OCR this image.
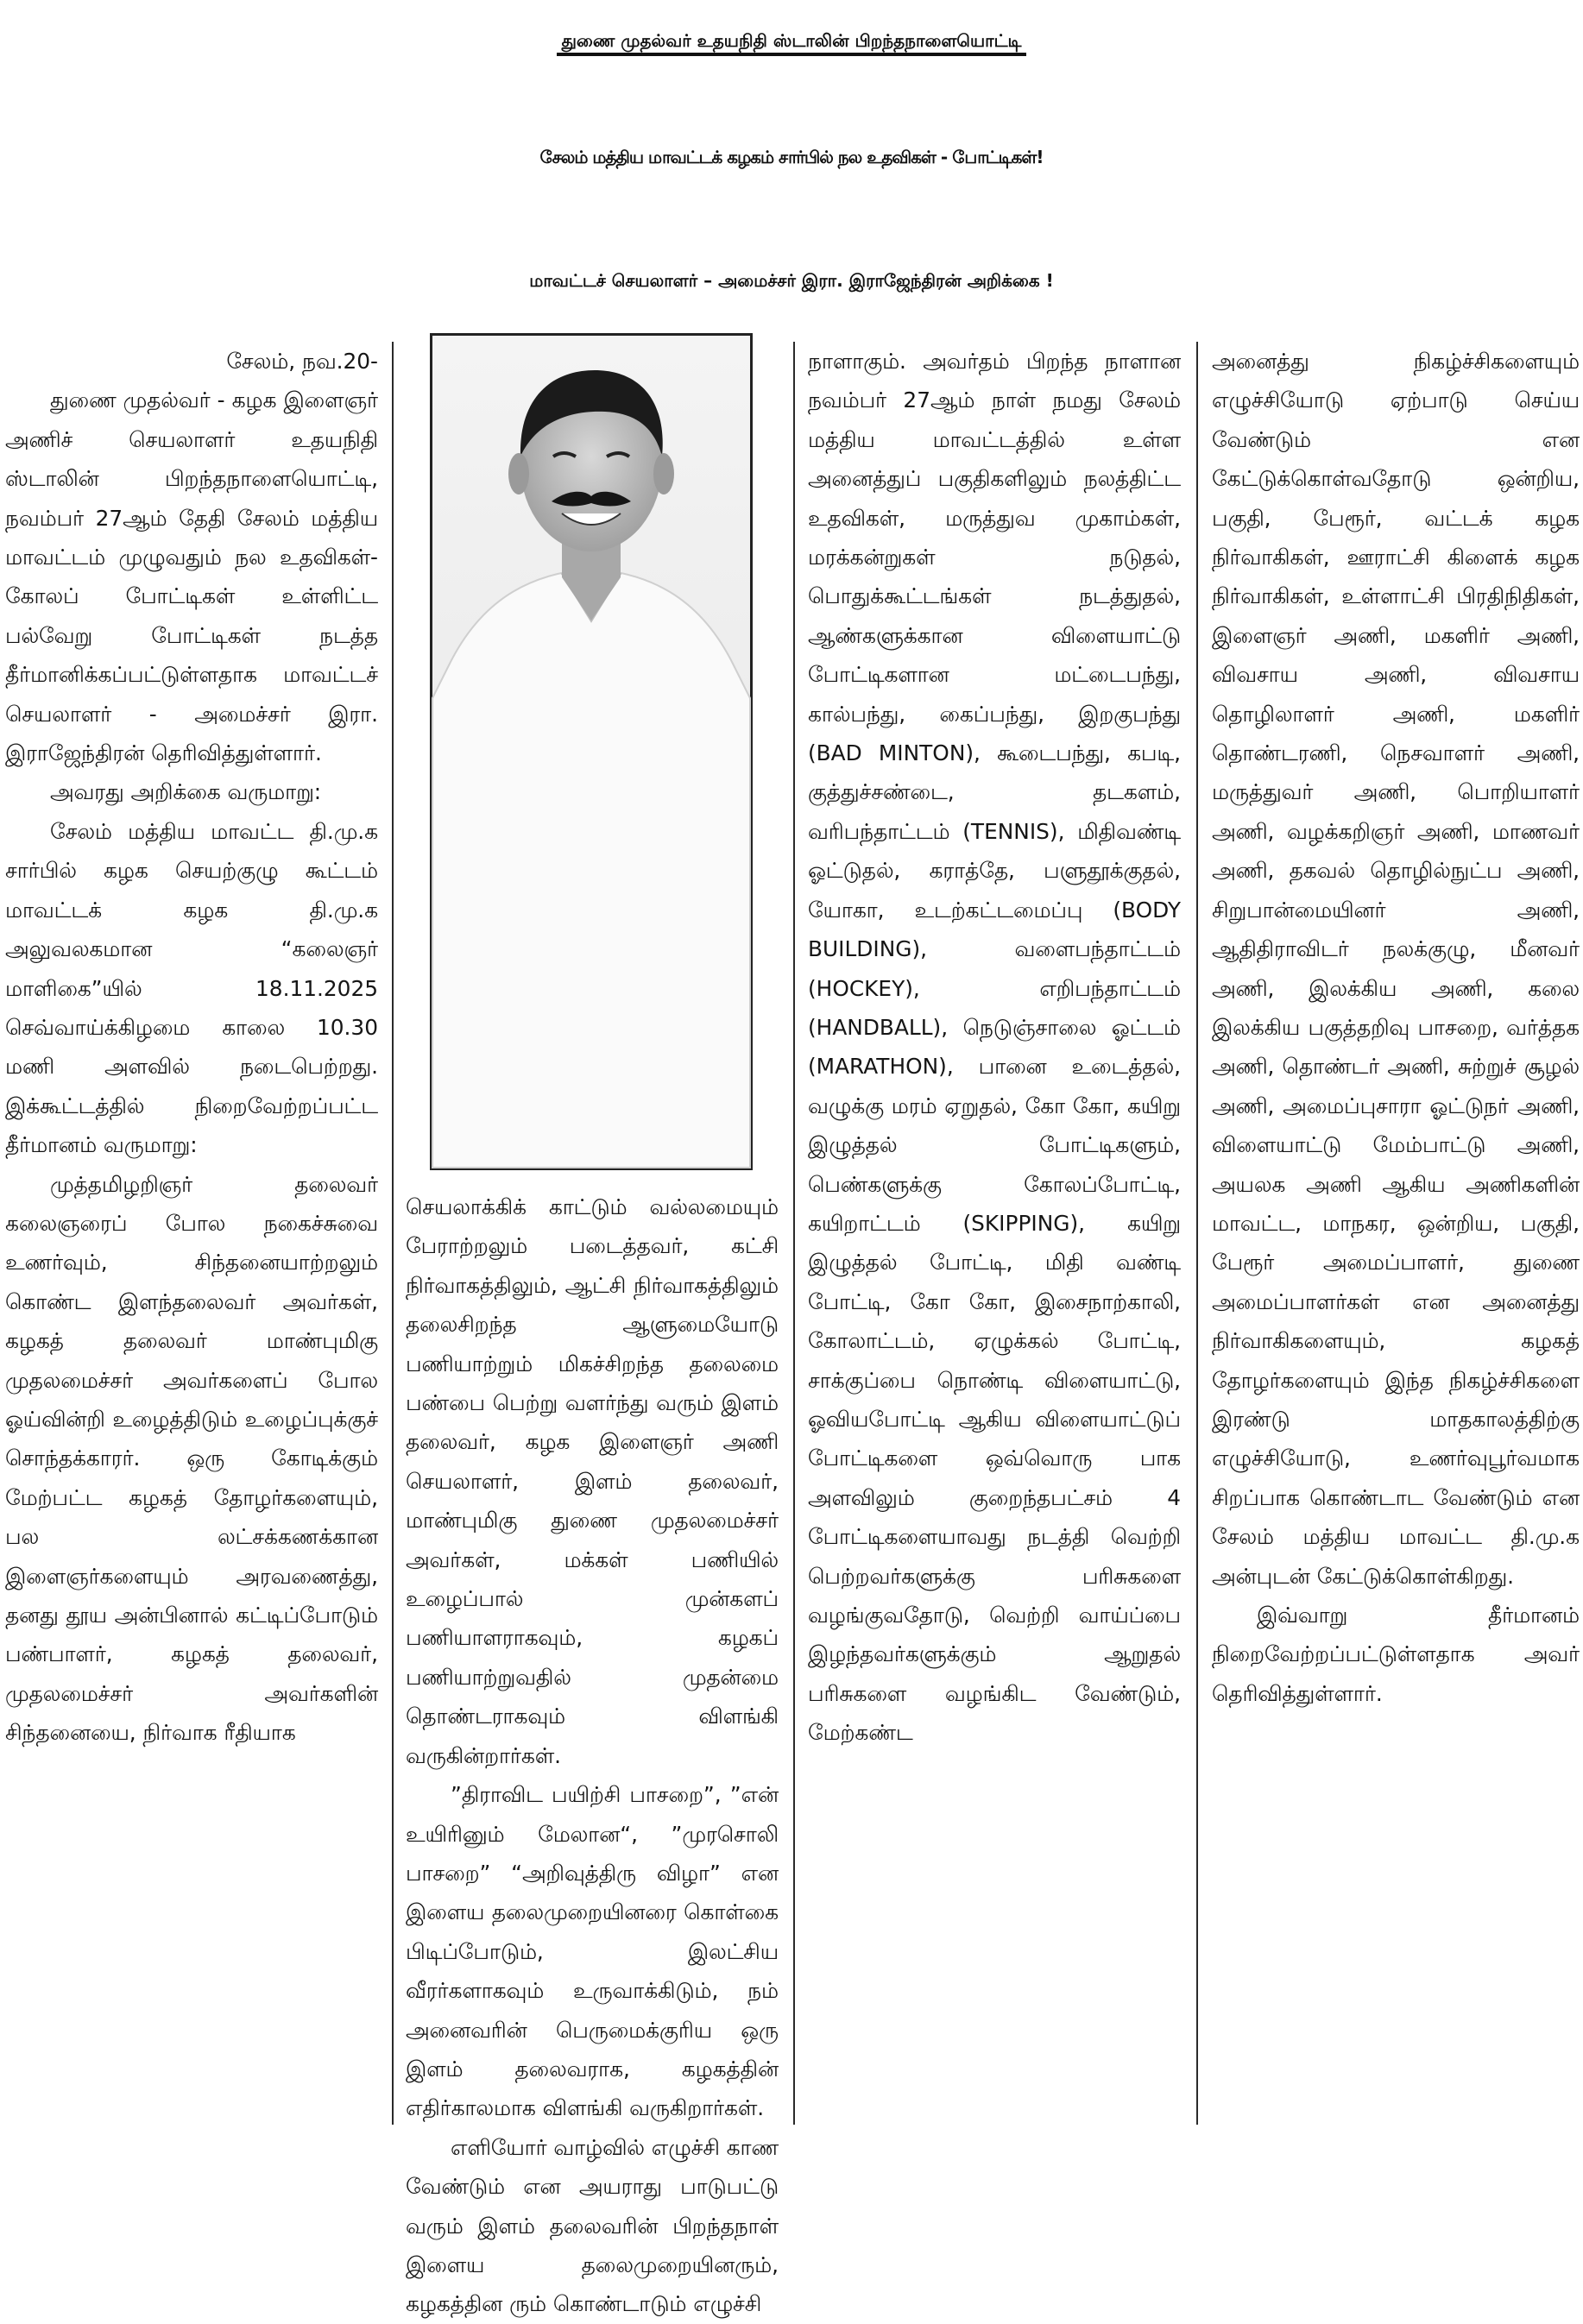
துணை முதல்வர் உதயநிதி ஸ்டாலின் பிறந்தநாளையொட்டி
சேலம் மத்திய மாவட்டக் கழகம் சார்பில் நல உதவிகள் - போட்டிகள்!
மாவட்டச் செயலாளர் – அமைச்சர் இரா. இராஜேந்திரன் அறிக்கை !

சேலம், நவ.20-

துணை முதல்வர் - கழக இளைஞர் அணிச் செயலாளர் உதயநிதி ஸ்டாலின் பிறந்தநாளையொட்டி, நவம்பர் 27ஆம் தேதி சேலம் மத்திய மாவட்டம் முழுவதும் நல உதவிகள்-கோலப் போட்டிகள் உள்ளிட்ட பல்வேறு போட்டிகள் நடத்த தீர்மானிக்கப்பட்டுள்ளதாக மாவட்டச் செயலாளர் - அமைச்சர் இரா. இராஜேந்திரன் தெரிவித்துள்ளார்.

அவரது அறிக்கை வருமாறு:

சேலம் மத்திய மாவட்ட தி.மு.க சார்பில் கழக செயற்குழு கூட்டம் மாவட்டக் கழக தி.மு.க அலுவலகமான “கலைஞர் மாளிகை”யில் 18.11.2025 செவ்வாய்க்கிழமை காலை 10.30 மணி அளவில் நடைபெற்றது. இக்கூட்டத்தில் நிறைவேற்றப்பட்ட தீர்மானம் வருமாறு:

முத்தமிழறிஞர் தலைவர் கலைஞரைப் போல நகைச்சுவை உணர்வும், சிந்தனையாற்றலும் கொண்ட இளந்தலைவர் அவர்கள், கழகத் தலைவர் மாண்புமிகு முதலமைச்சர் அவர்களைப் போல ஓய்வின்றி உழைத்திடும் உழைப்புக்குச் சொந்தக்காரர். ஒரு கோடிக்கும் மேற்பட்ட கழகத் தோழர்களையும், பல லட்சக்கணக்கான இளைஞர்களையும் அரவணைத்து, தனது தூய அன்பினால் கட்டிப்போடும் பண்பாளர், கழகத் தலைவர், முதலமைச்சர் அவர்களின் சிந்தனையை, நிர்வாக ரீதியாக

செயலாக்கிக் காட்டும் வல்லமையும் பேராற்றலும் படைத்தவர், கட்சி நிர்வாகத்திலும், ஆட்சி நிர்வாகத்திலும் தலைசிறந்த ஆளுமையோடு பணியாற்றும் மிகச்சிறந்த தலைமை பண்பை பெற்று வளர்ந்து வரும் இளம் தலைவர், கழக இளைஞர் அணி செயலாளர், இளம் தலைவர், மாண்புமிகு துணை முதலமைச்சர் அவர்கள், மக்கள் பணியில் உழைப்பால் முன்களப் பணியாளராகவும், கழகப் பணியாற்றுவதில் முதன்மை தொண்டராகவும் விளங்கி வருகின்றார்கள்.

”திராவிட பயிற்சி பாசறை”, ”என் உயிரினும் மேலான“, ”முரசொலி பாசறை” “அறிவுத்திரு விழா” என இளைய தலைமுறையினரை கொள்கை பிடிப்போடும், இலட்சிய வீரர்களாகவும் உருவாக்கிடும், நம் அனைவரின் பெருமைக்குரிய ஒரு இளம் தலைவராக, கழகத்தின் எதிர்காலமாக விளங்கி வருகிறார்கள்.

எளியோர் வாழ்வில் எழுச்சி காண வேண்டும் என அயராது பாடுபட்டு வரும் இளம் தலைவரின் பிறந்தநாள் இளைய தலைமுறையினரும், கழகத்தின ரும் கொண்டாடும் எழுச்சி

நாளாகும். அவர்தம் பிறந்த நாளான நவம்பர் 27ஆம் நாள் நமது சேலம் மத்திய மாவட்டத்தில் உள்ள அனைத்துப் பகுதிகளிலும் நலத்திட்ட உதவிகள், மருத்துவ முகாம்கள், மரக்கன்றுகள் நடுதல், பொதுக்கூட்டங்கள் நடத்துதல், ஆண்களுக்கான விளையாட்டு போட்டிகளான மட்டைபந்து, கால்பந்து, கைப்பந்து, இறகுபந்து (BAD MINTON), கூடைபந்து, கபடி, குத்துச்சண்டை, தடகளம், வரிபந்தாட்டம் (TENNIS), மிதிவண்டி ஓட்டுதல், கராத்தே, பளுதூக்குதல், யோகா, உடற்கட்டமைப்பு (BODY BUILDING), வளைபந்தாட்டம் (HOCKEY), எறிபந்தாட்டம் (HANDBALL), நெடுஞ்சாலை ஓட்டம் (MARATHON), பானை உடைத்தல், வழுக்கு மரம் ஏறுதல், கோ கோ, கயிறு இழுத்தல் போட்டிகளும், பெண்களுக்கு கோலப்போட்டி, கயிறாட்டம் (SKIPPING), கயிறு இழுத்தல் போட்டி, மிதி வண்டி போட்டி, கோ கோ, இசைநாற்காலி, கோலாட்டம், ஏழுக்கல் போட்டி, சாக்குப்பை நொண்டி விளையாட்டு, ஓவியபோட்டி ஆகிய விளையாட்டுப் போட்டிகளை ஒவ்வொரு பாக அளவிலும் குறைந்தபட்சம் 4 போட்டிகளையாவது நடத்தி வெற்றி பெற்றவர்களுக்கு பரிசுகளை வழங்குவதோடு, வெற்றி வாய்ப்பை இழந்தவர்களுக்கும் ஆறுதல் பரிசுகளை வழங்கிட வேண்டும், மேற்கண்ட

அனைத்து நிகழ்ச்சிகளையும் எழுச்சியோடு ஏற்பாடு செய்ய வேண்டும் என கேட்டுக்கொள்வதோடு ஒன்றிய, பகுதி, பேரூர், வட்டக் கழக நிர்வாகிகள், ஊராட்சி கிளைக் கழக நிர்வாகிகள், உள்ளாட்சி பிரதிநிதிகள், இளைஞர் அணி, மகளிர் அணி, விவசாய அணி, விவசாய தொழிலாளர் அணி, மகளிர் தொண்டரணி, நெசவாளர் அணி, மருத்துவர் அணி, பொறியாளர் அணி, வழக்கறிஞர் அணி, மாணவர் அணி, தகவல் தொழில்நுட்ப அணி, சிறுபான்மையினர் அணி, ஆதிதிராவிடர் நலக்குழு, மீனவர் அணி, இலக்கிய அணி, கலை இலக்கிய பகுத்தறிவு பாசறை, வர்த்தக அணி, தொண்டர் அணி, சுற்றுச் சூழல் அணி, அமைப்புசாரா ஓட்டுநர் அணி, விளையாட்டு மேம்பாட்டு அணி, அயலக அணி ஆகிய அணிகளின் மாவட்ட, மாநகர, ஒன்றிய, பகுதி, பேரூர் அமைப்பாளர், துணை அமைப்பாளர்கள் என அனைத்து நிர்வாகிகளையும், கழகத் தோழர்களையும் இந்த நிகழ்ச்சிகளை இரண்டு மாதகாலத்திற்கு எழுச்சியோடு, உணர்வுபூர்வமாக சிறப்பாக கொண்டாட வேண்டும் என சேலம் மத்திய மாவட்ட தி.மு.க அன்புடன் கேட்டுக்கொள்கிறது.

இவ்வாறு தீர்மானம் நிறைவேற்றப்பட்டுள்ளதாக அவர் தெரிவித்துள்ளார்.
